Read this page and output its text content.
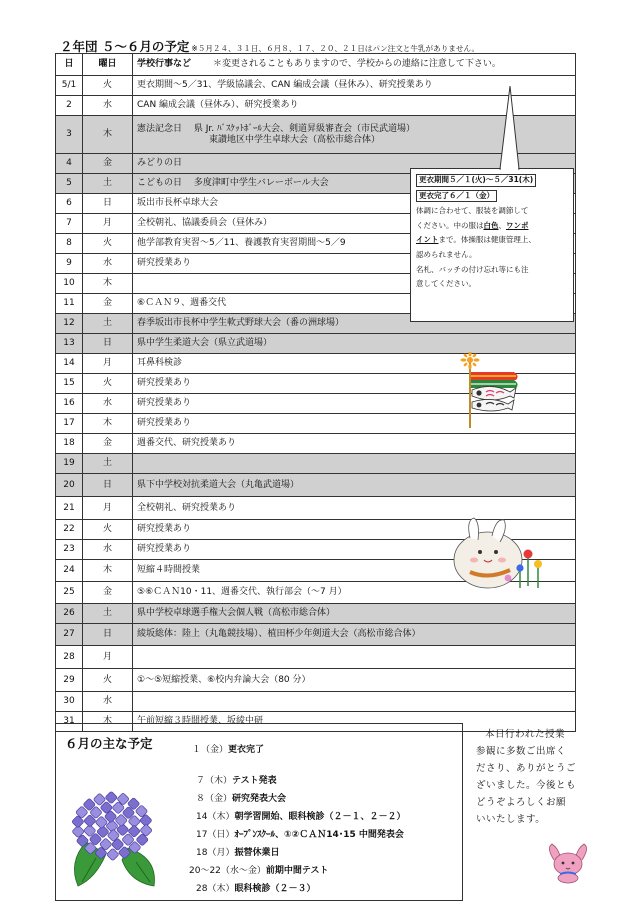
２年団 ５～６月の予定 ※５月２４、３１日、６月８、１７、２０、２１日はパン注文と牛乳がありません。
日	曜日	学校行事など ＊変更されることもありますので、学校からの連絡に注意して下さい。
5/1	火	更衣期間～5／31、学級協議会、CAN 編成会議（昼休み）、研究授業あり

2	水	CAN 編成会議（昼休み）、研究授業あり

3	木	憲法記念日　 県 Jr. ﾊﾞｽｹｯﾄﾎﾞｰﾙ大会、剣道昇級審査会（市民武道場）
東讃地区中学生卓球大会（高松市総合体）

4	金	みどりの日

5	土	こどもの日　 多度津町中学生バレーボール大会

6	日	坂出市長杯卓球大会

7	月	全校朝礼、協議委員会（昼休み）

8	火	他学部教育実習～5／11、養護教育実習期間～5／9

9	水	研究授業あり

10	木	

11	金	⑥ＣＡＮ９、週番交代

12	土	春季坂出市長杯中学生軟式野球大会（番の洲球場）

13	日	県中学生柔道大会（県立武道場）

14	月	耳鼻科検診

15	火	研究授業あり

16	水	研究授業あり

17	木	研究授業あり

18	金	週番交代、研究授業あり

19	土	

20	日	県下中学校対抗柔道大会（丸亀武道場）

21	月	全校朝礼、研究授業あり

22	火	研究授業あり

23	水	研究授業あり

24	木	短縮４時間授業

25	金	⑤⑥ＣＡＮ10・11、週番交代、執行部会（～7 月）

26	土	県中学校卓球選手権大会個人戦（高松市総合体）

27	日	綾坂総体：陸上（丸亀競技場）、植田杯少年剣道大会（高松市総合体）

28	月	

29	火	①～⑤短縮授業、⑥校内弁論大会（80 分）

30	水	

31	木	午前短縮３時間授業、坂綾中研
更衣期間５／１(火)～５／31(木)
更衣完了６／１（金）
体調に合わせて、服装を調節して
ください。中の服は白色、ワンポ
イントまで。体操服は健康管理上、
認められません。
名札、バッチの付け忘れ等にも注
意してください。
６月の主な予定	１（金）更衣完了
７（木）テスト発表
８（金）研究発表大会
14（木）朝学習開始、眼科検診（２－１、２－２）
17（日）ｵｰﾌﾟﾝｽｸｰﾙ、①②ＣＡＮ14･15 中間発表会
18（月）振替休業日
20～22（水～金）前期中間テスト
28（木）眼科検診（２－３）
本日行われた授業
参観に多数ご出席く
ださり、ありがとうご
ざいました。今後とも
どうぞよろしくお願
いいたします。
